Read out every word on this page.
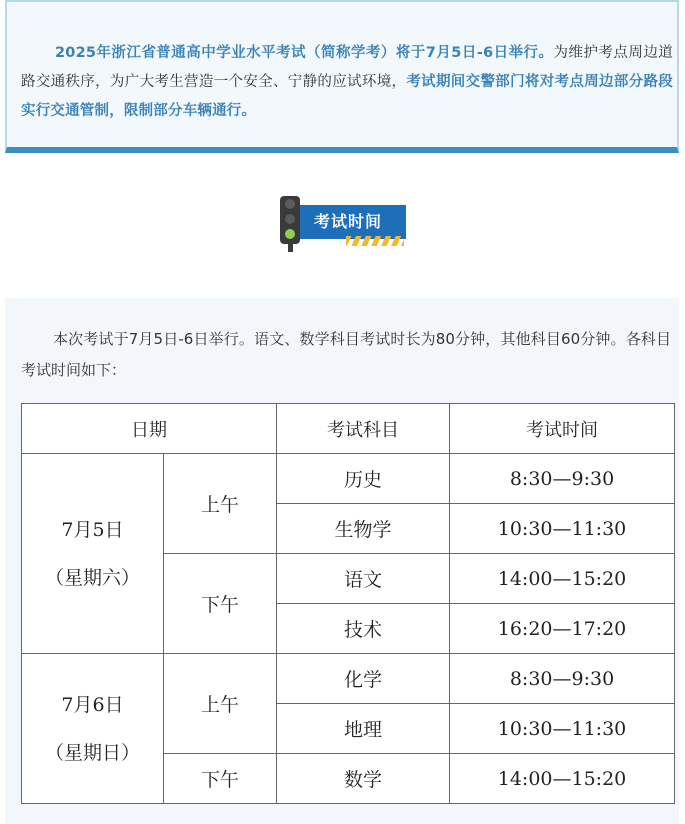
2025年浙江省普通高中学业水平考试（简称学考）将于7月5日-6日举行。为维护考点周边道路交通秩序，为广大考生营造一个安全、宁静的应试环境，考试期间交警部门将对考点周边部分路段实行交通管制，限制部分车辆通行。

考试时间

本次考试于7月5日-6日举行。语文、数学科目考试时长为80分钟，其他科目60分钟。各科目考试时间如下：

日期		考试科目	考试时间

7月5日
（星期六）	上午	历史	8:30—9:30
		生物学	10:30—11:30
	下午	语文	14:00—15:20
		技术	16:20—17:20

7月6日
（星期日）	上午	化学	8:30—9:30
		地理	10:30—11:30
	下午	数学	14:00—15:20
